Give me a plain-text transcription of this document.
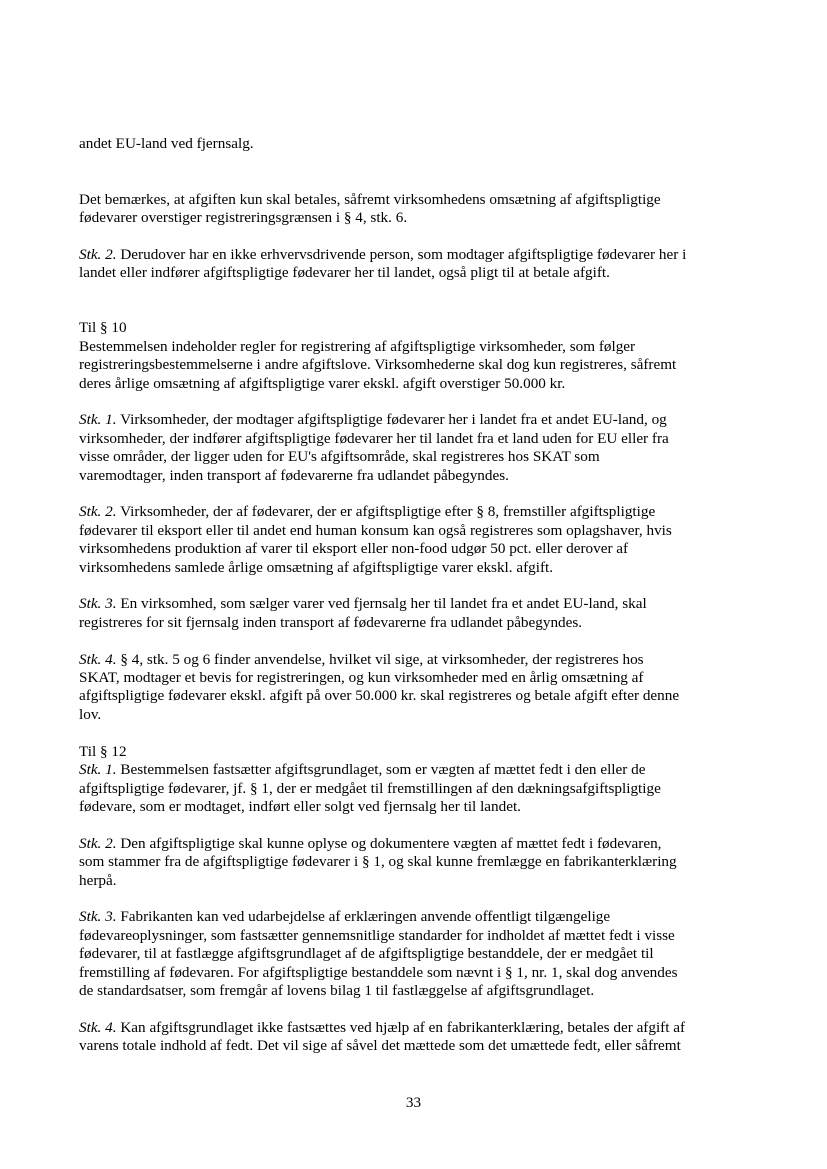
andet EU-land ved fjernsalg.

Det bemærkes, at afgiften kun skal betales, såfremt virksomhedens omsætning af afgiftspligtige
fødevarer overstiger registreringsgrænsen i § 4, stk. 6.

Stk. 2. Derudover har en ikke erhvervsdrivende person, som modtager afgiftspligtige fødevarer her i
landet eller indfører afgiftspligtige fødevarer her til landet, også pligt til at betale afgift.

Til § 10
Bestemmelsen indeholder regler for registrering af afgiftspligtige virksomheder, som følger
registreringsbestemmelserne i andre afgiftslove. Virksomhederne skal dog kun registreres, såfremt
deres årlige omsætning af afgiftspligtige varer ekskl. afgift overstiger 50.000 kr.

Stk. 1. Virksomheder, der modtager afgiftspligtige fødevarer her i landet fra et andet EU-land, og
virksomheder, der indfører afgiftspligtige fødevarer her til landet fra et land uden for EU eller fra
visse områder, der ligger uden for EU's afgiftsområde, skal registreres hos SKAT som
varemodtager, inden transport af fødevarerne fra udlandet påbegyndes.

Stk. 2. Virksomheder, der af fødevarer, der er afgiftspligtige efter § 8, fremstiller afgiftspligtige
fødevarer til eksport eller til andet end human konsum kan også registreres som oplagshaver, hvis
virksomhedens produktion af varer til eksport eller non-food udgør 50 pct. eller derover af
virksomhedens samlede årlige omsætning af afgiftspligtige varer ekskl. afgift.

Stk. 3. En virksomhed, som sælger varer ved fjernsalg her til landet fra et andet EU-land, skal
registreres for sit fjernsalg inden transport af fødevarerne fra udlandet påbegyndes.

Stk. 4. § 4, stk. 5 og 6 finder anvendelse, hvilket vil sige, at virksomheder, der registreres hos
SKAT, modtager et bevis for registreringen, og kun virksomheder med en årlig omsætning af
afgiftspligtige fødevarer ekskl. afgift på over 50.000 kr. skal registreres og betale afgift efter denne
lov.

Til § 12
Stk. 1. Bestemmelsen fastsætter afgiftsgrundlaget, som er vægten af mættet fedt i den eller de
afgiftspligtige fødevarer, jf. § 1, der er medgået til fremstillingen af den dækningsafgiftspligtige
fødevare, som er modtaget, indført eller solgt ved fjernsalg her til landet.

Stk. 2. Den afgiftspligtige skal kunne oplyse og dokumentere vægten af mættet fedt i fødevaren,
som stammer fra de afgiftspligtige fødevarer i § 1, og skal kunne fremlægge en fabrikanterklæring
herpå.

Stk. 3. Fabrikanten kan ved udarbejdelse af erklæringen anvende offentligt tilgængelige
fødevareoplysninger, som fastsætter gennemsnitlige standarder for indholdet af mættet fedt i visse
fødevarer, til at fastlægge afgiftsgrundlaget af de afgiftspligtige bestanddele, der er medgået til
fremstilling af fødevaren. For afgiftspligtige bestanddele som nævnt i § 1, nr. 1, skal dog anvendes
de standardsatser, som fremgår af lovens bilag 1 til fastlæggelse af afgiftsgrundlaget.

Stk. 4. Kan afgiftsgrundlaget ikke fastsættes ved hjælp af en fabrikanterklæring, betales der afgift af
varens totale indhold af fedt. Det vil sige af såvel det mættede som det umættede fedt, eller såfremt

33
